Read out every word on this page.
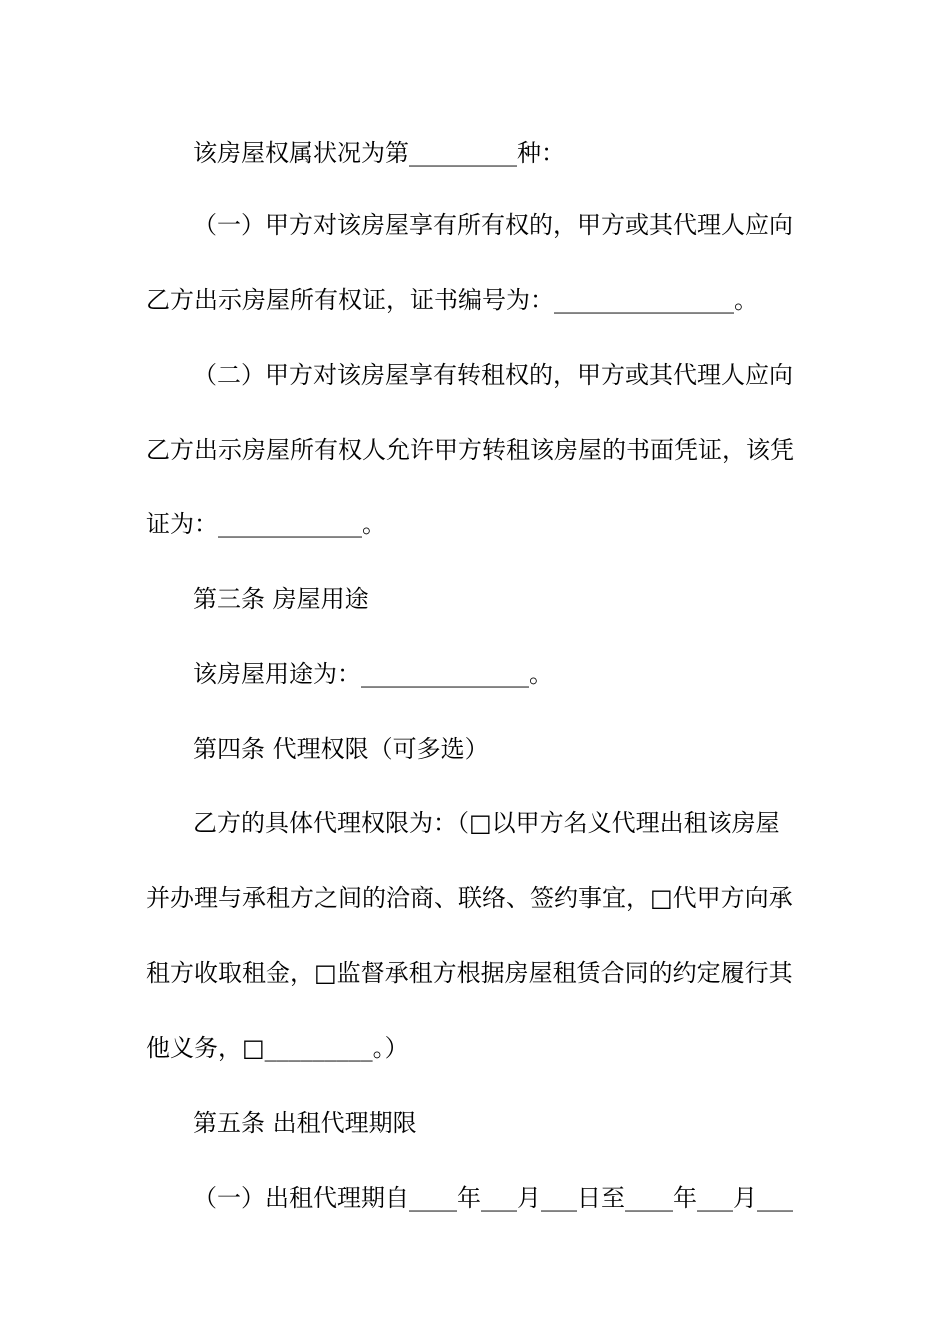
该房屋权属状况为第_________种：
（一）甲方对该房屋享有所有权的，甲方或其代理人应向
乙方出示房屋所有权证，证书编号为：_______________。
（二）甲方对该房屋享有转租权的，甲方或其代理人应向
乙方出示房屋所有权人允许甲方转租该房屋的书面凭证，该凭
证为：____________。
第三条 房屋用途
该房屋用途为：______________。
第四条 代理权限（可多选）
乙方的具体代理权限为：（□以甲方名义代理出租该房屋
并办理与承租方之间的洽商、联络、签约事宜，□代甲方向承
租方收取租金，□监督承租方根据房屋租赁合同的约定履行其
他义务，□_________。）
第五条 出租代理期限
（一）出租代理期自____年___月___日至____年___月___
